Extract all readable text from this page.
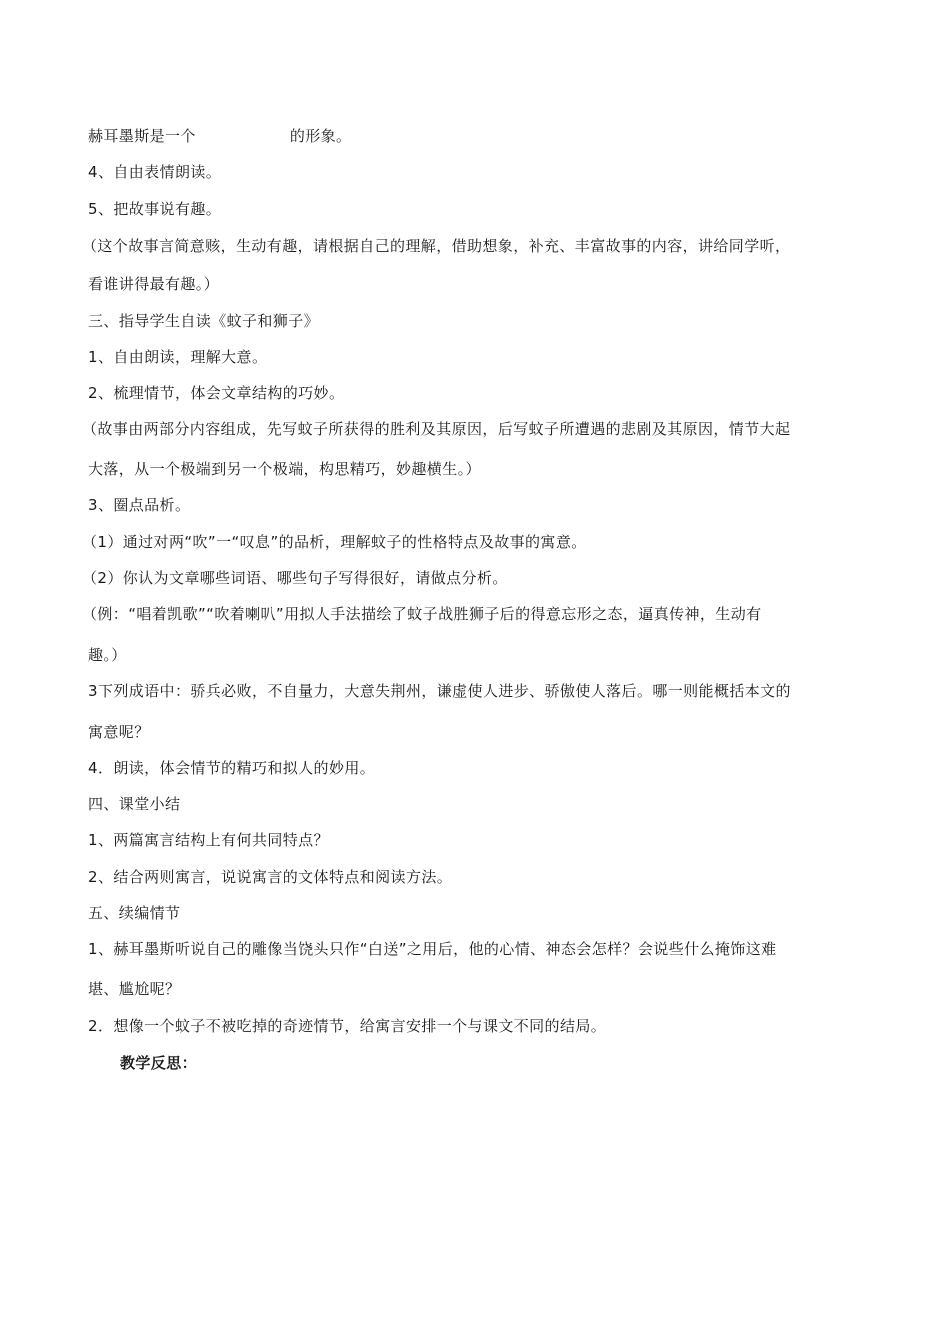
赫耳墨斯是一个	的形象。
4、自由表情朗读。
5、把故事说有趣。
（这个故事言简意赅，生动有趣，请根据自己的理解，借助想象，补充、丰富故事的内容，讲给同学听，
看谁讲得最有趣。）
三、指导学生自读《蚊子和狮子》
1、自由朗读，理解大意。
2、梳理情节，体会文章结构的巧妙。
（故事由两部分内容组成，先写蚊子所获得的胜利及其原因，后写蚊子所遭遇的悲剧及其原因，情节大起
大落，从一个极端到另一个极端，构思精巧，妙趣横生。）
3、圈点品析。
（1）通过对两“吹”一“叹息”的品析，理解蚊子的性格特点及故事的寓意。
（2）你认为文章哪些词语、哪些句子写得很好，请做点分析。
（例：“唱着凯歌”“吹着喇叭”用拟人手法描绘了蚊子战胜狮子后的得意忘形之态，逼真传神，生动有
趣。）
3下列成语中：骄兵必败，不自量力，大意失荆州，谦虚使人进步、骄傲使人落后。哪一则能概括本文的
寓意呢？
4．朗读，体会情节的精巧和拟人的妙用。
四、课堂小结
1、两篇寓言结构上有何共同特点？
2、结合两则寓言，说说寓言的文体特点和阅读方法。
五、续编情节
1、赫耳墨斯听说自己的雕像当饶头只作“白送”之用后，他的心情、神态会怎样？会说些什么掩饰这难
堪、尴尬呢？
2．想像一个蚊子不被吃掉的奇迹情节，给寓言安排一个与课文不同的结局。
教学反思：
